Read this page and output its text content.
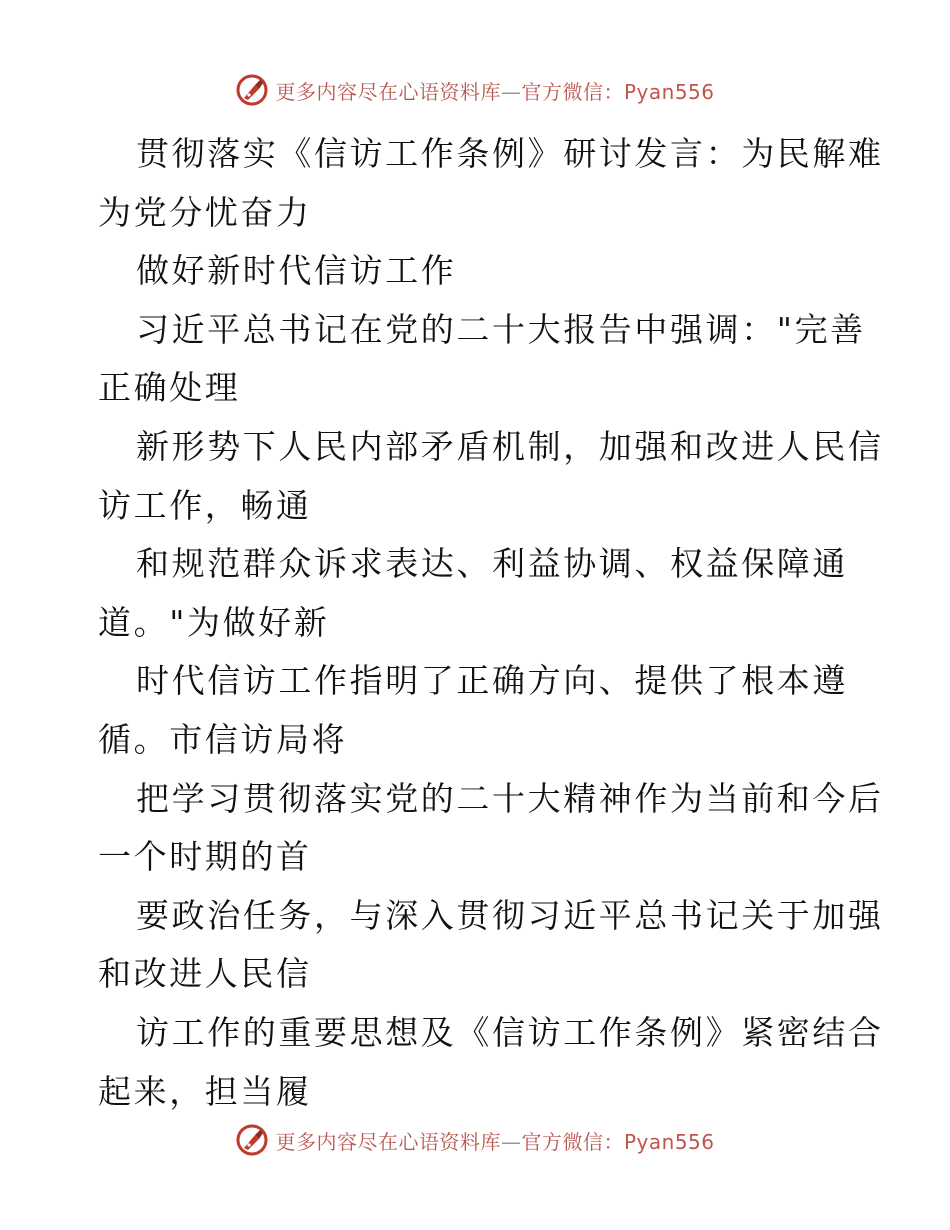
更多内容尽在心语资料库—官方微信：Pyan556
贯彻落实《信访工作条例》研讨发言：为民解难
为党分忧奋力
做好新时代信访工作
习近平总书记在党的二十大报告中强调："完善
正确处理
新形势下人民内部矛盾机制，加强和改进人民信
访工作，畅通
和规范群众诉求表达、利益协调、权益保障通
道。"为做好新
时代信访工作指明了正确方向、提供了根本遵
循。市信访局将
把学习贯彻落实党的二十大精神作为当前和今后
一个时期的首
要政治任务，与深入贯彻习近平总书记关于加强
和改进人民信
访工作的重要思想及《信访工作条例》紧密结合
起来，担当履
更多内容尽在心语资料库—官方微信：Pyan556
